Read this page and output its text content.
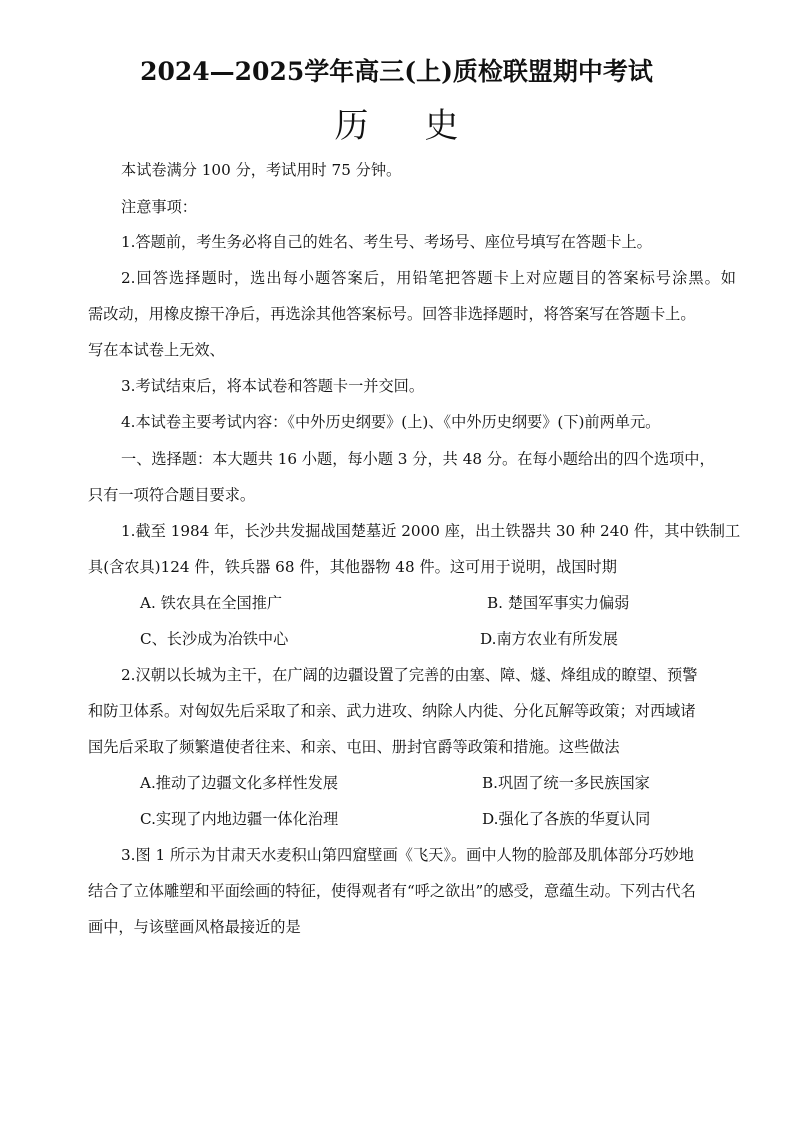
2024—2025学年高三(上)质检联盟期中考试
历 史
本试卷满分 100 分，考试用时 75 分钟。
注意事项：
1.答题前，考生务必将自己的姓名、考生号、考场号、座位号填写在答题卡上。
2.回答选择题时，选出每小题答案后，用铅笔把答题卡上对应题目的答案标号涂黑。如
需改动，用橡皮擦干净后，再选涂其他答案标号。回答非选择题时，将答案写在答题卡上。
写在本试卷上无效、
3.考试结束后，将本试卷和答题卡一并交回。
4.本试卷主要考试内容：《中外历史纲要》(上)、《中外历史纲要》(下)前两单元。
一、选择题：本大题共 16 小题，每小题 3 分，共 48 分。在每小题给出的四个选项中，
只有一项符合题目要求。
1.截至 1984 年，长沙共发掘战国楚墓近 2000 座，出土铁器共 30 种 240 件，其中铁制工
具(含农具)124 件，铁兵器 68 件，其他器物 48 件。这可用于说明，战国时期
A. 铁农具在全国推广	B. 楚国军事实力偏弱
C、长沙成为冶铁中心	D.南方农业有所发展
2.汉朝以长城为主干，在广阔的边疆设置了完善的由塞、障、燧、烽组成的瞭望、预警
和防卫体系。对匈奴先后采取了和亲、武力进攻、纳除人内徙、分化瓦解等政策；对西域诸
国先后采取了频繁遣使者往来、和亲、屯田、册封官爵等政策和措施。这些做法
A.推动了边疆文化多样性发展	B.巩固了统一多民族国家
C.实现了内地边疆一体化治理	D.强化了各族的华夏认同
3.图 1 所示为甘肃天水麦积山第四窟壁画《飞天》。画中人物的脸部及肌体部分巧妙地
结合了立体雕塑和平面绘画的特征，使得观者有“呼之欲出”的感受，意蕴生动。下列古代名
画中，与该壁画风格最接近的是
